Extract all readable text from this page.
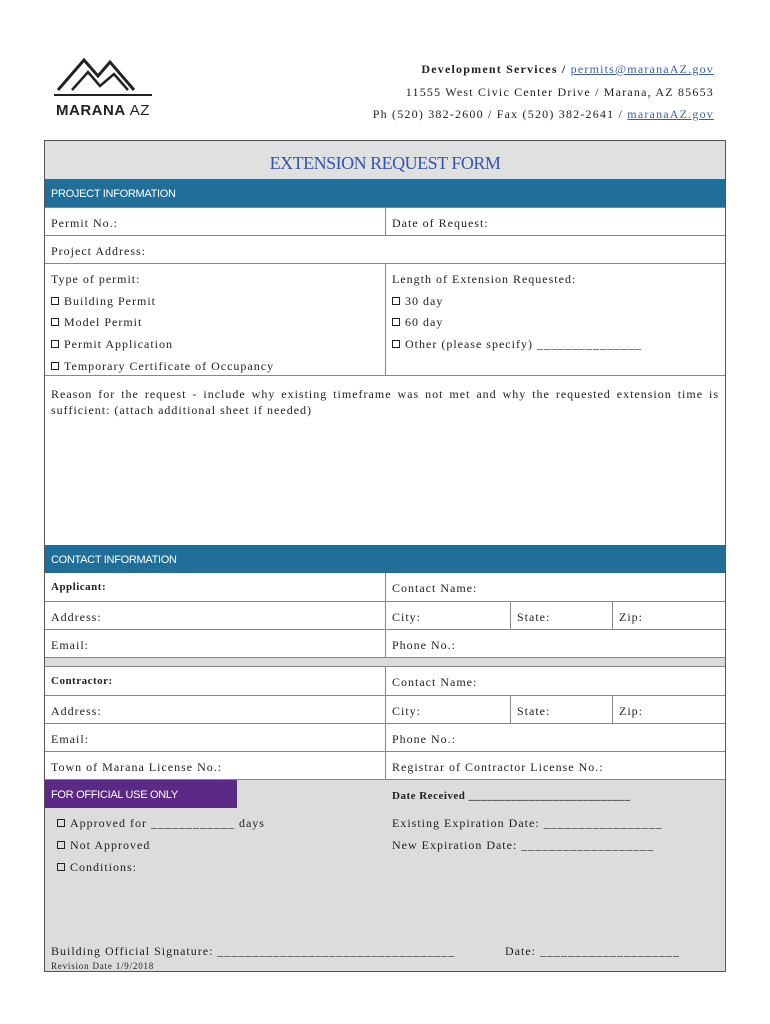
MARANA AZ
Development Services / permits@maranaAZ.gov
11555 West Civic Center Drive / Marana, AZ 85653
Ph (520) 382-2600 / Fax (520) 382-2641 / maranaAZ.gov
EXTENSION REQUEST FORM
PROJECT INFORMATION
Permit No.:	Date of Request:
Project Address:
Type of permit:
Building Permit
Model Permit
Permit Application
Temporary Certificate of Occupancy
Length of Extension Requested:
30 day
60 day
Other (please specify) _______________
Reason for the request - include why existing timeframe was not met and why the requested extension time is sufficient: (attach additional sheet if needed)
CONTACT INFORMATION
Applicant:	Contact Name:
Address:	City:	State:	Zip:
Email:	Phone No.:
Contractor:	Contact Name:
Address:	City:	State:	Zip:
Email:	Phone No.:
Town of Marana License No.:	Registrar of Contractor License No.:
FOR OFFICIAL USE ONLY	Date Received ___________________________
Approved for ____________ days	Existing Expiration Date: _________________
Not Approved	New Expiration Date: ___________________
Conditions:
Building Official Signature: __________________________________	Date: ____________________
Revision Date 1/9/2018
